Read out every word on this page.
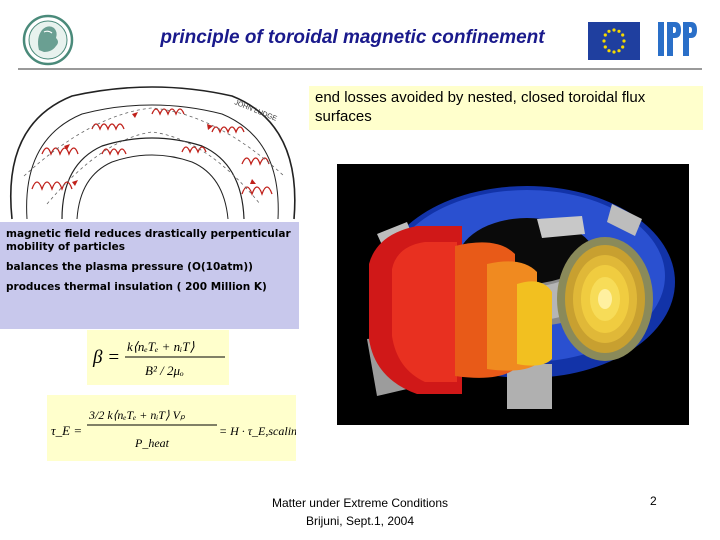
principle of toroidal magnetic confinement
JOHN LUDGE
end losses avoided by nested, closed toroidal flux surfaces

magnetic field reduces drastically perpenticular mobility of particles

balances the plasma pressure (O(10atm))

produces thermal insulation ( 200 Million K)

β =
k⟨nₑTₑ + nᵢT⟩
B² / 2μₒ
τ_E =
3/2 k⟨nₑTₑ + nᵢT⟩ Vₚ
P_heat
= H · τ_E,scaling
Matter under Extreme Conditions
Brijuni, Sept.1, 2004
2
